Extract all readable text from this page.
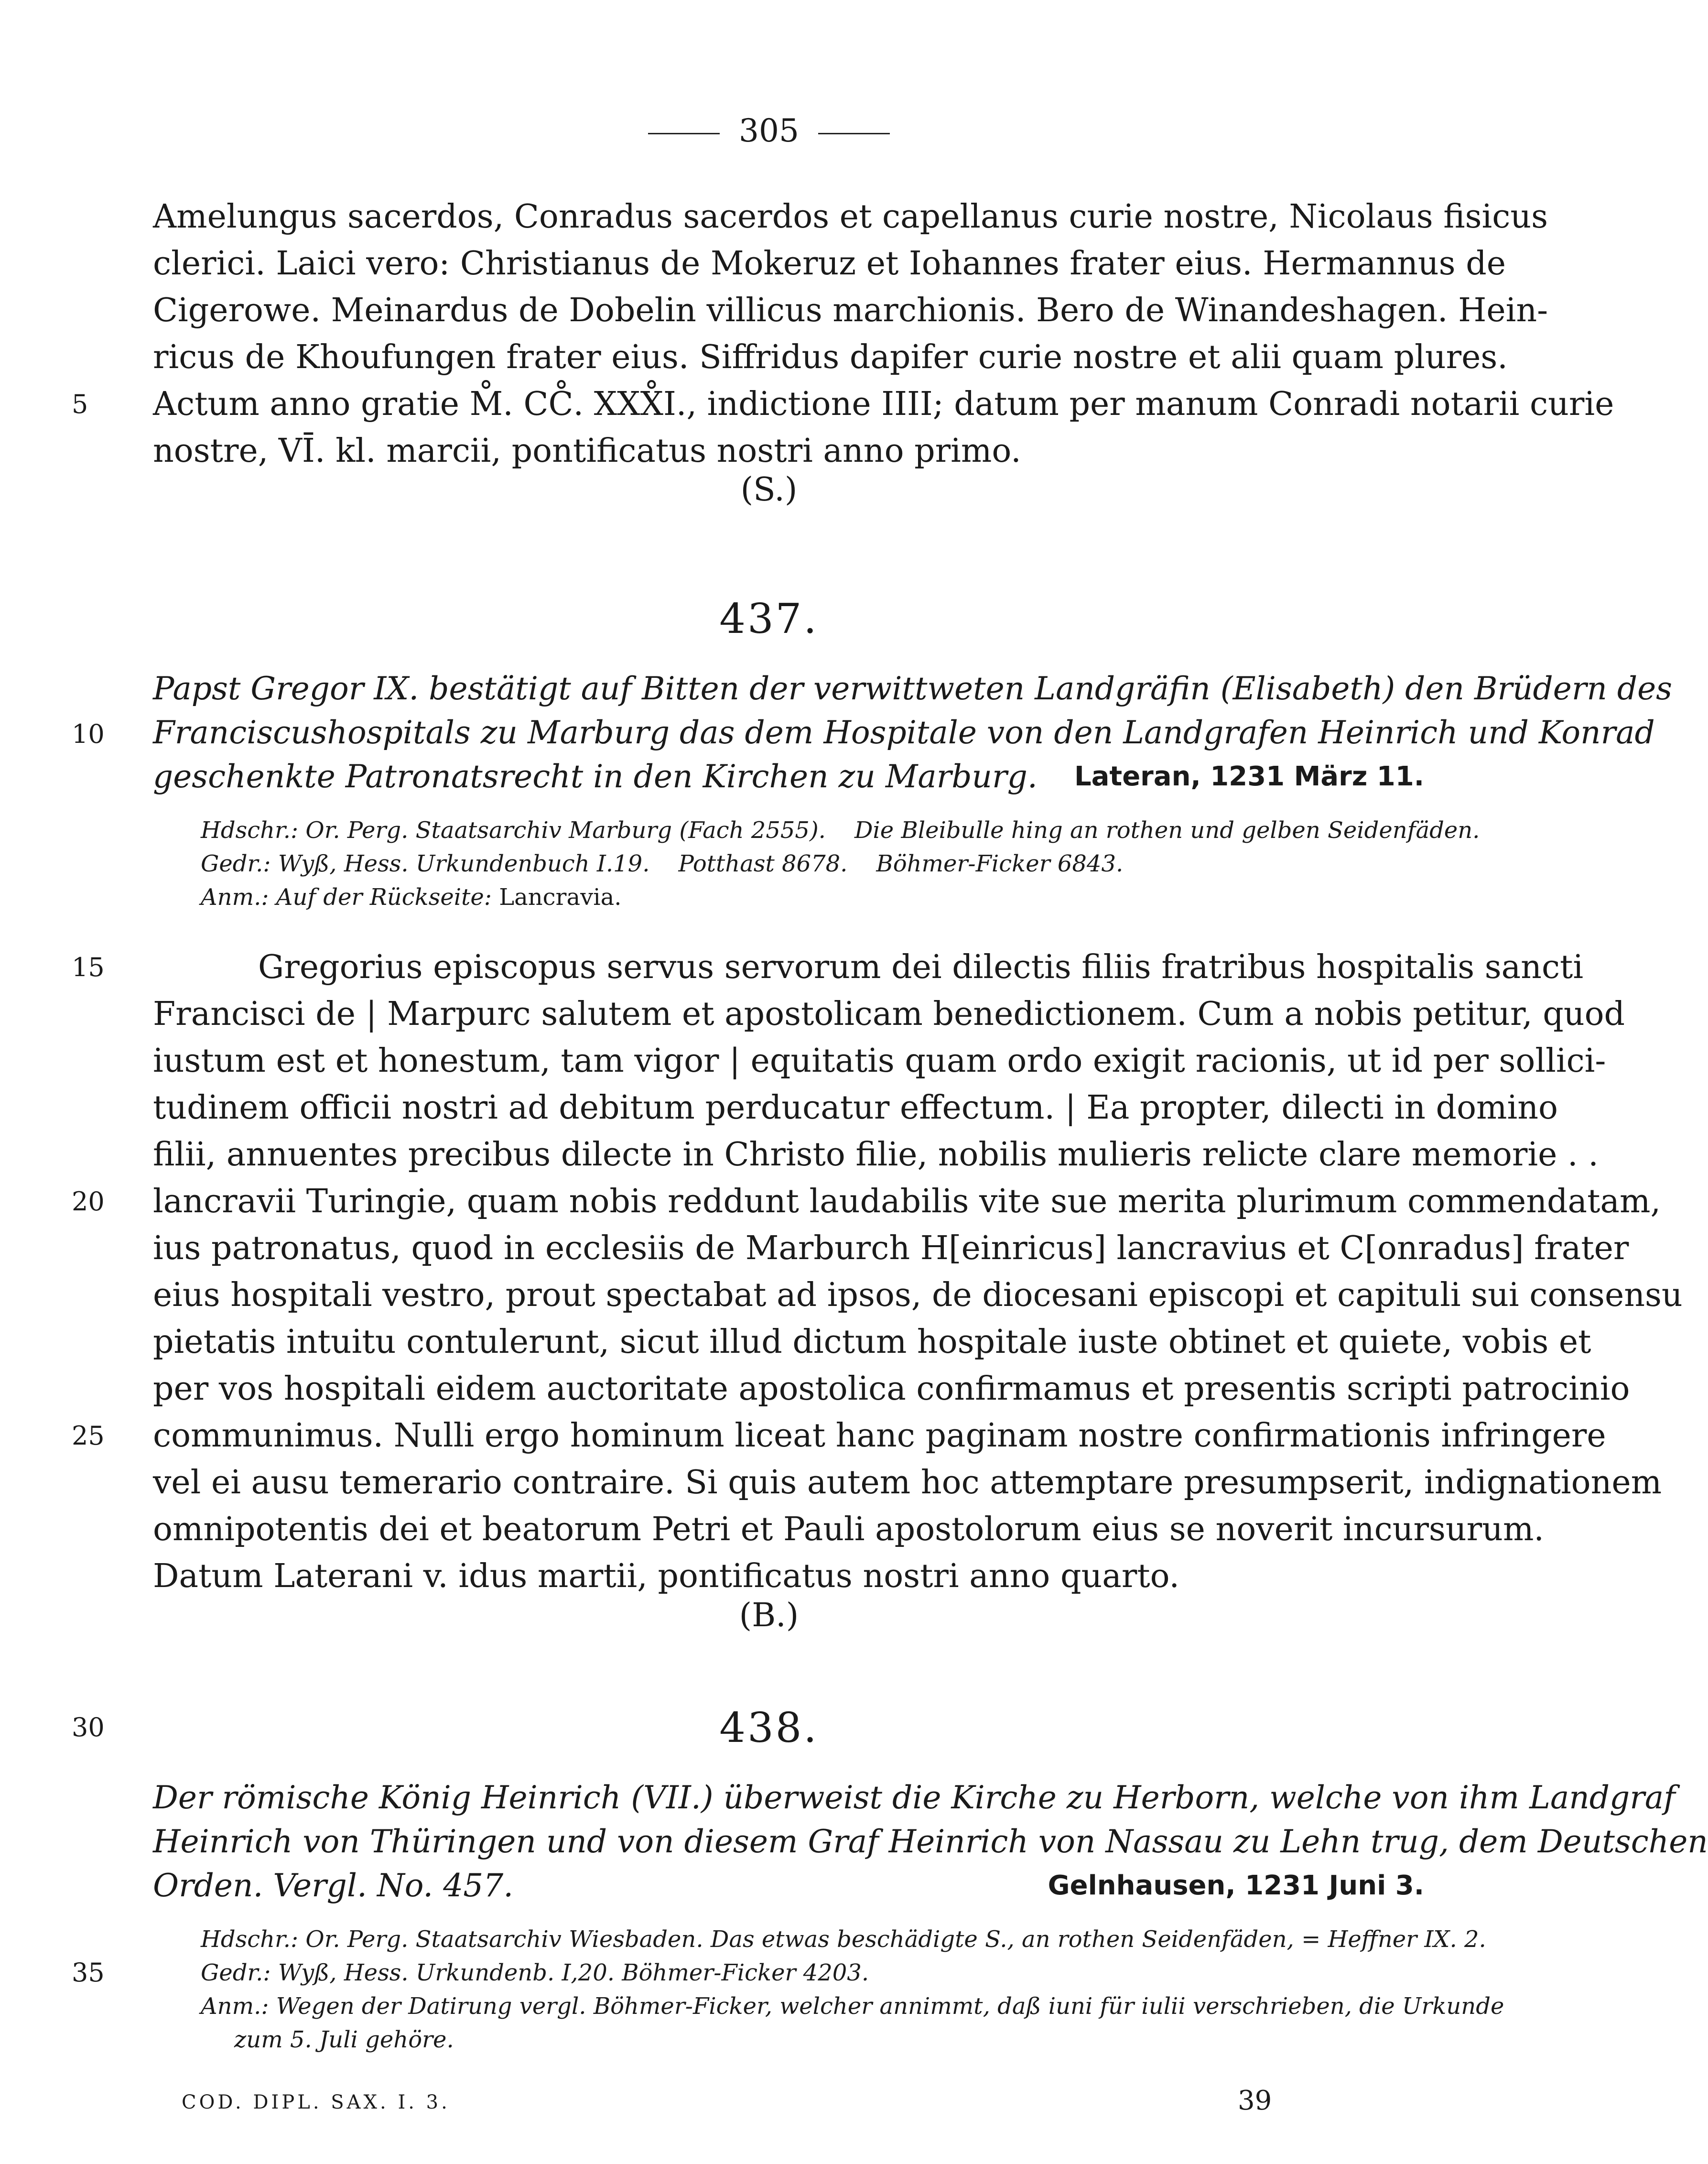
305
Amelungus sacerdos, Conradus sacerdos et capellanus curie nostre, Nicolaus fisicus
clerici. Laici vero: Christianus de Mokeruz et Iohannes frater eius. Hermannus de
Cigerowe. Meinardus de Dobelin villicus marchionis. Bero de Winandeshagen. Hein-
ricus de Khoufungen frater eius. Siffridus dapifer curie nostre et alii quam plures.
Actum anno gratie M̊. CC̊. XXX̊I., indictione IIII; datum per manum Conradi notarii curie
nostre, VĪ. kl. marcii, pontificatus nostri anno primo.
(S.)
437.
Papst Gregor IX. bestätigt auf Bitten der verwittweten Landgräfin (Elisabeth) den Brüdern des
Franciscushospitals zu Marburg das dem Hospitale von den Landgrafen Heinrich und Konrad
geschenkte Patronatsrecht in den Kirchen zu Marburg. Lateran, 1231 März 11.
Hdschr.: Or. Perg. Staatsarchiv Marburg (Fach 2555). Die Bleibulle hing an rothen und gelben Seidenfäden.
Gedr.: Wyß, Hess. Urkundenbuch I.19. Potthast 8678. Böhmer-Ficker 6843.
Anm.: Auf der Rückseite: Lancravia.
Gregorius episcopus servus servorum dei dilectis filiis fratribus hospitalis sancti
Francisci de | Marpurc salutem et apostolicam benedictionem. Cum a nobis petitur, quod
iustum est et honestum, tam vigor | equitatis quam ordo exigit racionis, ut id per sollici-
tudinem officii nostri ad debitum perducatur effectum. | Ea propter, dilecti in domino
filii, annuentes precibus dilecte in Christo filie, nobilis mulieris relicte clare memorie . .
lancravii Turingie, quam nobis reddunt laudabilis vite sue merita plurimum commendatam,
ius patronatus, quod in ecclesiis de Marburch H[einricus] lancravius et C[onradus] frater
eius hospitali vestro, prout spectabat ad ipsos, de diocesani episcopi et capituli sui consensu
pietatis intuitu contulerunt, sicut illud dictum hospitale iuste obtinet et quiete, vobis et
per vos hospitali eidem auctoritate apostolica confirmamus et presentis scripti patrocinio
communimus. Nulli ergo hominum liceat hanc paginam nostre confirmationis infringere
vel ei ausu temerario contraire. Si quis autem hoc attemptare presumpserit, indignationem
omnipotentis dei et beatorum Petri et Pauli apostolorum eius se noverit incursurum.
Datum Laterani v. idus martii, pontificatus nostri anno quarto.
(B.)
438.
Der römische König Heinrich (VII.) überweist die Kirche zu Herborn, welche von ihm Landgraf
Heinrich von Thüringen und von diesem Graf Heinrich von Nassau zu Lehn trug, dem Deutschen
Orden. Vergl. No. 457.	Gelnhausen, 1231 Juni 3.
Hdschr.: Or. Perg. Staatsarchiv Wiesbaden. Das etwas beschädigte S., an rothen Seidenfäden, = Heffner IX. 2.
Gedr.: Wyß, Hess. Urkundenb. I,20. Böhmer-Ficker 4203.
Anm.: Wegen der Datirung vergl. Böhmer-Ficker, welcher annimmt, daß iuni für iulii verschrieben, die Urkunde
zum 5. Juli gehöre.
5
10
15
20
25
30
35
COD. DIPL. SAX. I. 3.	39
